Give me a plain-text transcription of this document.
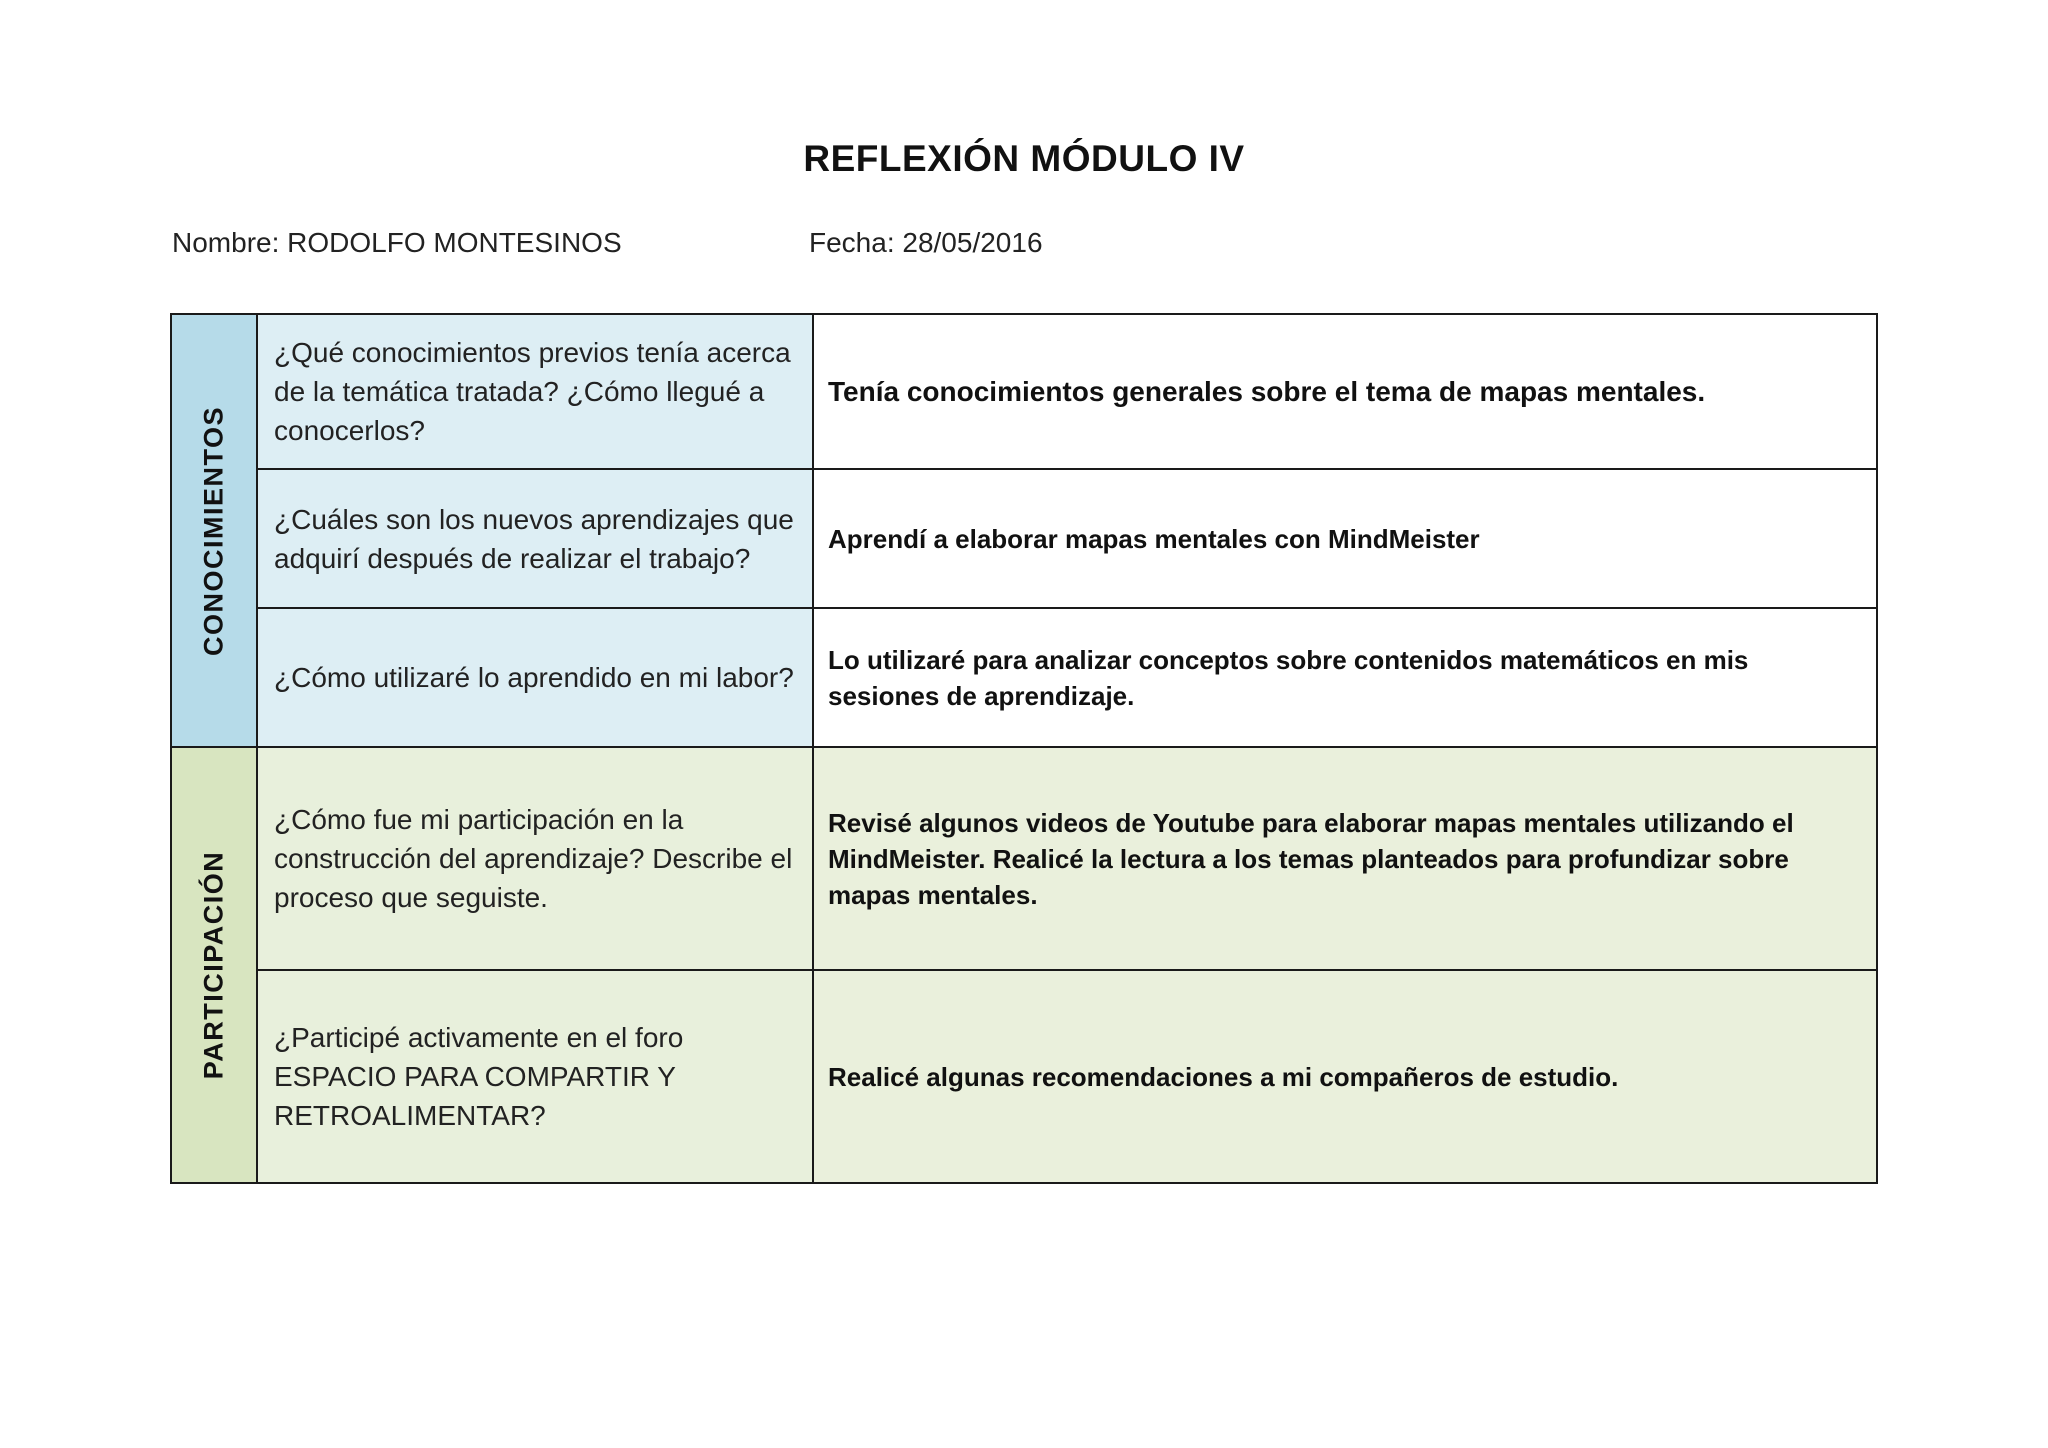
REFLEXIÓN MÓDULO IV
Nombre: RODOLFO MONTESINOS	Fecha: 28/05/2016
CONOCIMIENTOS	¿Qué conocimientos previos tenía acerca de la temática tratada? ¿Cómo llegué a conocerlos?	Tenía conocimientos generales sobre el tema de mapas mentales.

	¿Cuáles son los nuevos aprendizajes que adquirí después de realizar el trabajo?	Aprendí a elaborar mapas mentales con MindMeister

	¿Cómo utilizaré lo aprendido en mi labor?	Lo utilizaré para analizar conceptos sobre contenidos matemáticos en mis sesiones de aprendizaje.

PARTICIPACIÓN	¿Cómo fue mi participación en la construcción del aprendizaje? Describe el proceso que seguiste.	Revisé algunos videos de Youtube para elaborar mapas mentales utilizando el MindMeister. Realicé la lectura a los temas planteados para profundizar sobre mapas mentales.

	¿Participé activamente en el foro ESPACIO PARA COMPARTIR Y RETROALIMENTAR?	Realicé algunas recomendaciones a mi compañeros de estudio.
